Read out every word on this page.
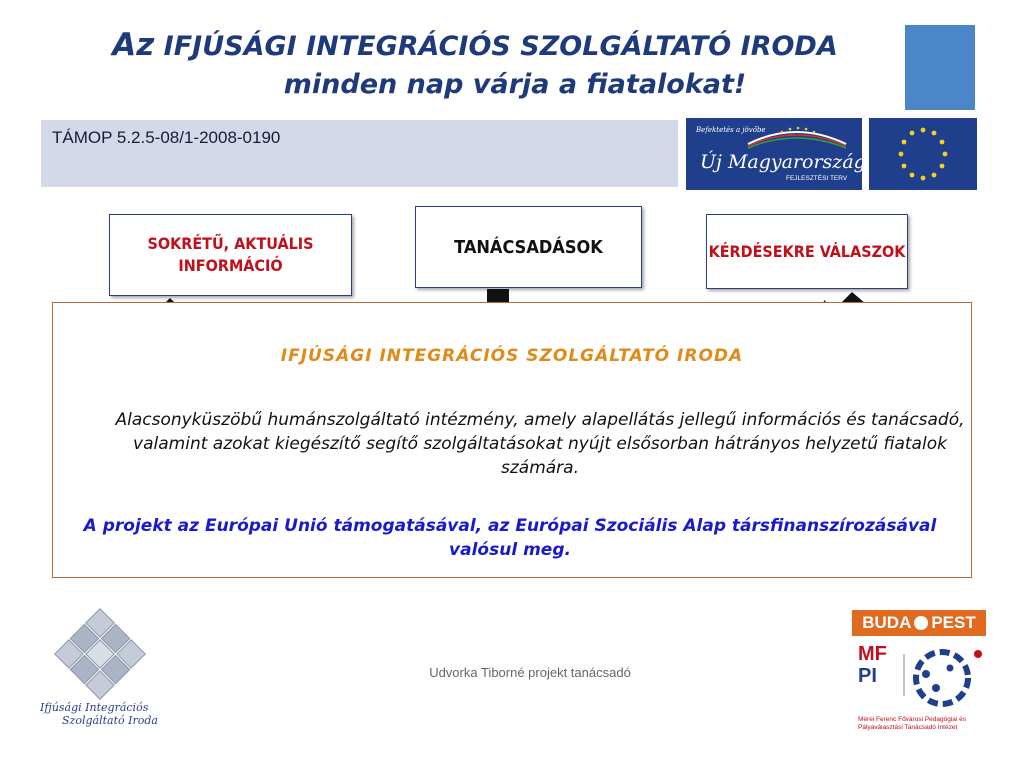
Az IFJÚSÁGI INTEGRÁCIÓS SZOLGÁLTATÓ IRODA
minden nap várja a fiatalokat!
TÁMOP 5.2.5-08/1-2008-0190	Befektetés a jövőbe
Új Magyarország
FEJLESZTÉSI TERV
SOKRÉTŰ, AKTUÁLIS INFORMÁCIÓ
TANÁCSADÁSOK	KÉRDÉSEKRE VÁLASZOK
IFJÚSÁGI INTEGRÁCIÓS SZOLGÁLTATÓ IRODA
Alacsonyküszöbű humánszolgáltató intézmény, amely alapellátás jellegű információs és tanácsadó, valamint azokat kiegészítő segítő szolgáltatásokat nyújt elsősorban hátrányos helyzetű fiatalok számára.
A projekt az Európai Unió támogatásával, az Európai Szociális Alap társfinanszírozásával valósul meg.
Ifjúsági Integrációs
Szolgáltató Iroda
Udvorka Tiborné projekt tanácsadó
BUDA PEST
MF
PI
Mérei Ferenc Fővárosi Pedagógiai és Pályaválasztási Tanácsadó Intézet
